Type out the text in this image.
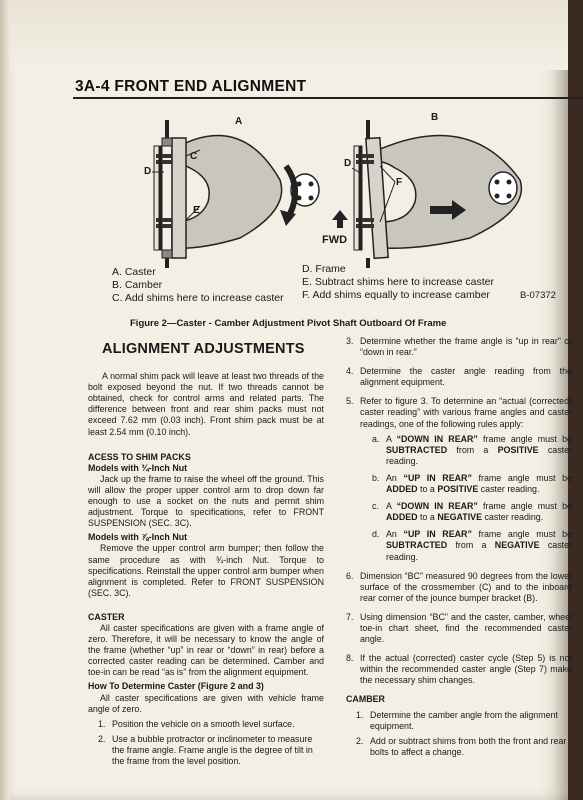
3A-4 FRONT END ALIGNMENT
A	B
C
D
E
D
F
FWD
A. Caster
B. Camber
C. Add shims here to increase caster
D. Frame
E. Subtract shims here to increase caster
F. Add shims equally to increase camber	B-07372
Figure 2—Caster - Camber Adjustment Pivot Shaft Outboard Of Frame
ALIGNMENT ADJUSTMENTS

A normal shim pack will leave at least two threads of the bolt exposed beyond the nut. If two threads cannot be obtained, check for control arms and related parts. The difference between front and rear shim packs must not exceed 7.62 mm (0.03 inch). Front shim pack must be at least 2.54 mm (0.10 inch).

ACESS TO SHIM PACKS

Models with ¾-Inch Nut

Jack up the frame to raise the wheel off the ground. This will allow the proper upper control arm to drop down far enough to use a socket on the nuts and permit shim adjustment. Torque to specifications, refer to FRONT SUSPENSION (SEC. 3C).

Models with ⅞-Inch Nut

Remove the upper control arm bumper; then follow the same procedure as with ¾-inch Nut. Torque to specifications. Reinstall the upper control arm bumper when alignment is completed. Refer to FRONT SUSPENSION (SEC. 3C).

CASTER

All caster specifications are given with a frame angle of zero. Therefore, it will be necessary to know the angle of the frame (whether “up” in rear or “down” in rear) before a corrected caster reading can be determined. Camber and toe-in can be read “as is” from the alignment equipment.

How To Determine Caster (Figure 2 and 3)

All caster specifications are given with vehicle frame angle of zero.

1. Position the vehicle on a smooth level surface.
2. Use a bubble protractor or inclinometer to measure the frame angle. Frame angle is the degree of tilt in the frame from the level position.
3. Determine whether the frame angle is “up in rear” or “down in rear.”
4. Determine the caster angle reading from the alignment equipment.
5. Refer to figure 3. To determine an “actual (corrected) caster reading” with various frame angles and caster readings, one of the following rules apply:
a. A “DOWN IN REAR” frame angle must be SUBTRACTED from a POSITIVE caster reading.
b. An “UP IN REAR” frame angle must be ADDED to a POSITIVE caster reading.
c. A “DOWN IN REAR” frame angle must be ADDED to a NEGATIVE caster reading.
d. An “UP IN REAR” frame angle must be SUBTRACTED from a NEGATIVE caster reading.
6. Dimension “BC” measured 90 degrees from the lower surface of the crossmember (C) and to the inboard rear corner of the jounce bumper bracket (B).
7. Using dimension “BC” and the caster, camber, wheel toe-in chart sheet, find the recommended caster angle.
8. If the actual (corrected) caster cycle (Step 5) is not within the recommended caster angle (Step 7) make the necessary shim changes.

CAMBER

1. Determine the camber angle from the alignment equipment.
2. Add or subtract shims from both the front and rear bolts to affect a change.
